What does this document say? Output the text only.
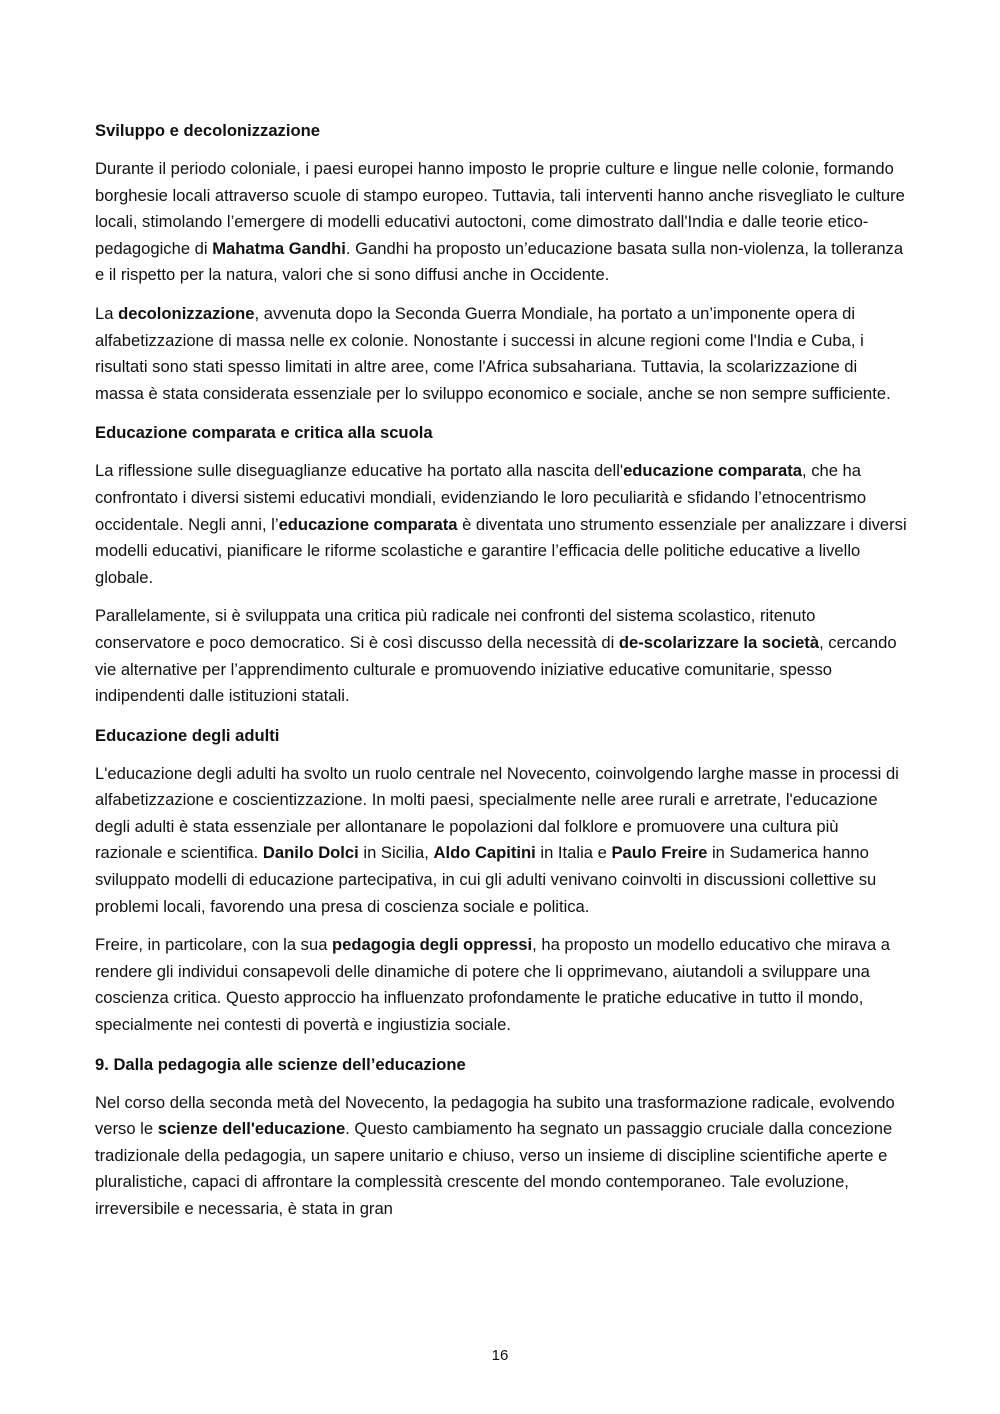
Sviluppo e decolonizzazione
Durante il periodo coloniale, i paesi europei hanno imposto le proprie culture e lingue nelle colonie, formando borghesie locali attraverso scuole di stampo europeo. Tuttavia, tali interventi hanno anche risvegliato le culture locali, stimolando l’emergere di modelli educativi autoctoni, come dimostrato dall'India e dalle teorie etico-pedagogiche di Mahatma Gandhi. Gandhi ha proposto un’educazione basata sulla non-violenza, la tolleranza e il rispetto per la natura, valori che si sono diffusi anche in Occidente.
La decolonizzazione, avvenuta dopo la Seconda Guerra Mondiale, ha portato a un’imponente opera di alfabetizzazione di massa nelle ex colonie. Nonostante i successi in alcune regioni come l'India e Cuba, i risultati sono stati spesso limitati in altre aree, come l'Africa subsahariana. Tuttavia, la scolarizzazione di massa è stata considerata essenziale per lo sviluppo economico e sociale, anche se non sempre sufficiente.
Educazione comparata e critica alla scuola
La riflessione sulle diseguaglianze educative ha portato alla nascita dell'educazione comparata, che ha confrontato i diversi sistemi educativi mondiali, evidenziando le loro peculiarità e sfidando l’etnocentrismo occidentale. Negli anni, l’educazione comparata è diventata uno strumento essenziale per analizzare i diversi modelli educativi, pianificare le riforme scolastiche e garantire l’efficacia delle politiche educative a livello globale.
Parallelamente, si è sviluppata una critica più radicale nei confronti del sistema scolastico, ritenuto conservatore e poco democratico. Si è così discusso della necessità di de-scolarizzare la società, cercando vie alternative per l’apprendimento culturale e promuovendo iniziative educative comunitarie, spesso indipendenti dalle istituzioni statali.
Educazione degli adulti
L'educazione degli adulti ha svolto un ruolo centrale nel Novecento, coinvolgendo larghe masse in processi di alfabetizzazione e coscientizzazione. In molti paesi, specialmente nelle aree rurali e arretrate, l'educazione degli adulti è stata essenziale per allontanare le popolazioni dal folklore e promuovere una cultura più razionale e scientifica. Danilo Dolci in Sicilia, Aldo Capitini in Italia e Paulo Freire in Sudamerica hanno sviluppato modelli di educazione partecipativa, in cui gli adulti venivano coinvolti in discussioni collettive su problemi locali, favorendo una presa di coscienza sociale e politica.
Freire, in particolare, con la sua pedagogia degli oppressi, ha proposto un modello educativo che mirava a rendere gli individui consapevoli delle dinamiche di potere che li opprimevano, aiutandoli a sviluppare una coscienza critica. Questo approccio ha influenzato profondamente le pratiche educative in tutto il mondo, specialmente nei contesti di povertà e ingiustizia sociale.
9. Dalla pedagogia alle scienze dell’educazione
Nel corso della seconda metà del Novecento, la pedagogia ha subito una trasformazione radicale, evolvendo verso le scienze dell'educazione. Questo cambiamento ha segnato un passaggio cruciale dalla concezione tradizionale della pedagogia, un sapere unitario e chiuso, verso un insieme di discipline scientifiche aperte e pluralistiche, capaci di affrontare la complessità crescente del mondo contemporaneo. Tale evoluzione, irreversibile e necessaria, è stata in gran
16
